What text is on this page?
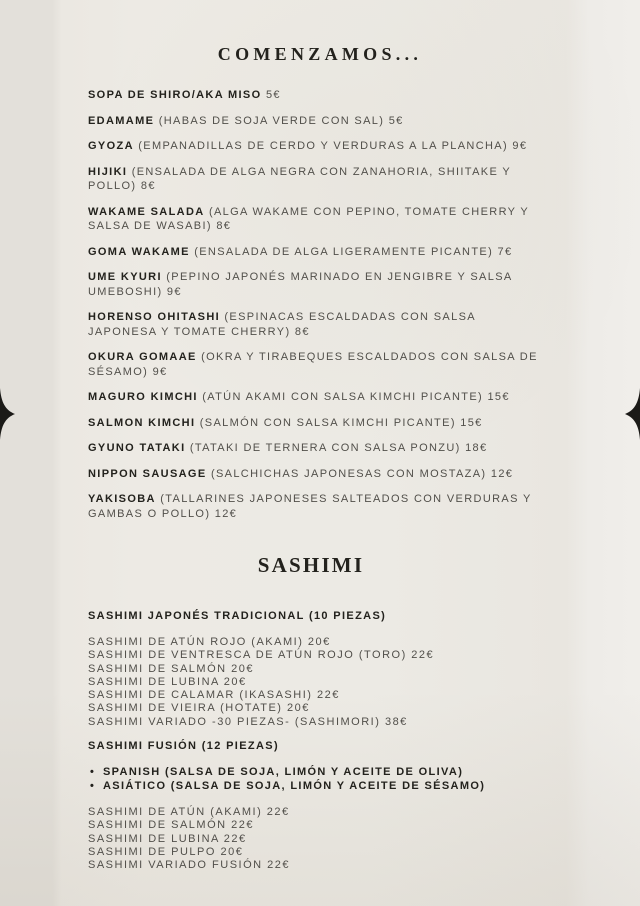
COMENZAMOS...
SOPA DE SHIRO/AKA MISO 5€
EDAMAME (HABAS DE SOJA VERDE CON SAL) 5€
GYOZA (EMPANADILLAS DE CERDO Y VERDURAS A LA PLANCHA) 9€
HIJIKI (ENSALADA DE ALGA NEGRA CON ZANAHORIA, SHIITAKE Y POLLO) 8€
WAKAME SALADA (ALGA WAKAME CON PEPINO, TOMATE CHERRY Y SALSA DE WASABI) 8€
GOMA WAKAME (ENSALADA DE ALGA LIGERAMENTE PICANTE) 7€
UME KYURI (PEPINO JAPONÉS MARINADO EN JENGIBRE Y SALSA UMEBOSHI) 9€
HORENSO OHITASHI (ESPINACAS ESCALDADAS CON SALSA JAPONESA Y TOMATE CHERRY) 8€
OKURA GOMAAE (OKRA Y TIRABEQUES ESCALDADOS CON SALSA DE SÉSAMO) 9€
MAGURO KIMCHI (ATÚN AKAMI CON SALSA KIMCHI PICANTE) 15€
SALMON KIMCHI (SALMÓN CON SALSA KIMCHI PICANTE) 15€
GYUNO TATAKI (TATAKI DE TERNERA CON SALSA PONZU) 18€
NIPPON SAUSAGE (SALCHICHAS JAPONESAS CON MOSTAZA) 12€
YAKISOBA (TALLARINES JAPONESES SALTEADOS CON VERDURAS Y GAMBAS O POLLO) 12€
SASHIMI
SASHIMI JAPONÉS TRADICIONAL (10 PIEZAS)
SASHIMI DE ATÚN ROJO (AKAMI) 20€
SASHIMI DE VENTRESCA DE ATÚN ROJO (TORO) 22€
SASHIMI DE SALMÓN 20€
SASHIMI DE LUBINA 20€
SASHIMI DE CALAMAR (IKASASHI) 22€
SASHIMI DE VIEIRA (HOTATE) 20€
SASHIMI VARIADO -30 PIEZAS- (SASHIMORI) 38€
SASHIMI FUSIÓN (12 PIEZAS)
• SPANISH (SALSA DE SOJA, LIMÓN Y ACEITE DE OLIVA)
• ASIÁTICO (SALSA DE SOJA, LIMÓN Y ACEITE DE SÉSAMO)
SASHIMI DE ATÚN (AKAMI) 22€
SASHIMI DE SALMÓN 22€
SASHIMI DE LUBINA 22€
SASHIMI DE PULPO 20€
SASHIMI VARIADO FUSIÓN 22€
